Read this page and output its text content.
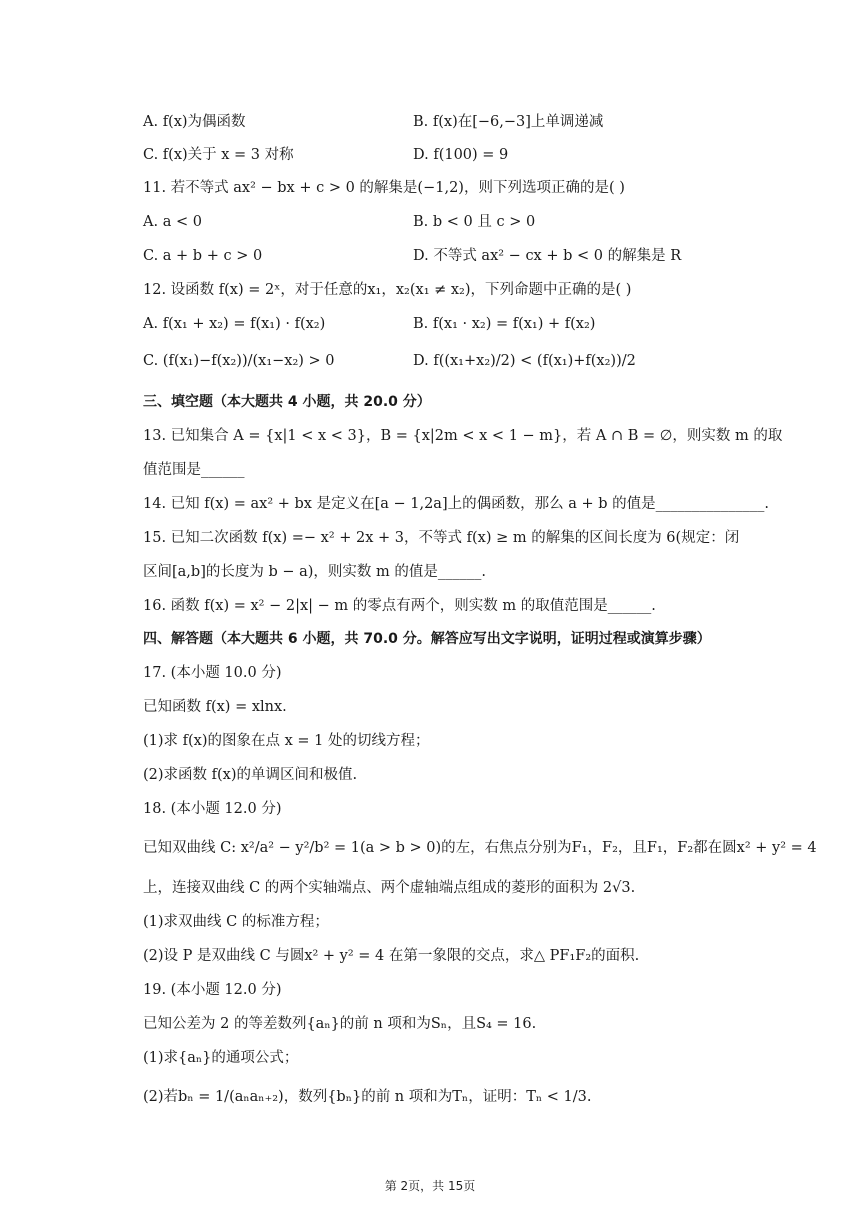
A. f(x)为偶函数	B. f(x)在[−6,−3]上单调递减
C. f(x)关于 x = 3 对称	D. f(100) = 9
11. 若不等式 ax² − bx + c > 0 的解集是(−1,2)，则下列选项正确的是( )
A. a < 0	B. b < 0 且 c > 0
C. a + b + c > 0	D. 不等式 ax² − cx + b < 0 的解集是 R
12. 设函数 f(x) = 2ˣ，对于任意的x₁，x₂(x₁ ≠ x₂)，下列命题中正确的是( )
A. f(x₁ + x₂) = f(x₁) · f(x₂)	B. f(x₁ · x₂) = f(x₁) + f(x₂)
C. (f(x₁)−f(x₂))/(x₁−x₂) > 0	D. f((x₁+x₂)/2) < (f(x₁)+f(x₂))/2
三、填空题（本大题共 4 小题，共 20.0 分）
13. 已知集合 A = {x|1 < x < 3}，B = {x|2m < x < 1 − m}，若 A ∩ B = ∅，则实数 m 的取
值范围是______
14. 已知 f(x) = ax² + bx 是定义在[a − 1,2a]上的偶函数，那么 a + b 的值是_______________.
15. 已知二次函数 f(x) =− x² + 2x + 3，不等式 f(x) ≥ m 的解集的区间长度为 6(规定：闭
区间[a,b]的长度为 b − a)，则实数 m 的值是______.
16. 函数 f(x) = x² − 2|x| − m 的零点有两个，则实数 m 的取值范围是______.
四、解答题（本大题共 6 小题，共 70.0 分。解答应写出文字说明，证明过程或演算步骤）
17. (本小题 10.0 分)
已知函数 f(x) = xlnx.
(1)求 f(x)的图象在点 x = 1 处的切线方程；
(2)求函数 f(x)的单调区间和极值.
18. (本小题 12.0 分)
已知双曲线 C: x²/a² − y²/b² = 1(a > b > 0)的左，右焦点分别为F₁，F₂，且F₁，F₂都在圆x² + y² = 4
上，连接双曲线 C 的两个实轴端点、两个虚轴端点组成的菱形的面积为 2√3.
(1)求双曲线 C 的标准方程；
(2)设 P 是双曲线 C 与圆x² + y² = 4 在第一象限的交点，求△ PF₁F₂的面积.
19. (本小题 12.0 分)
已知公差为 2 的等差数列{aₙ}的前 n 项和为Sₙ，且S₄ = 16.
(1)求{aₙ}的通项公式；
(2)若bₙ = 1/(aₙaₙ₊₂)，数列{bₙ}的前 n 项和为Tₙ，证明：Tₙ < 1/3.
第 2页，共 15页
